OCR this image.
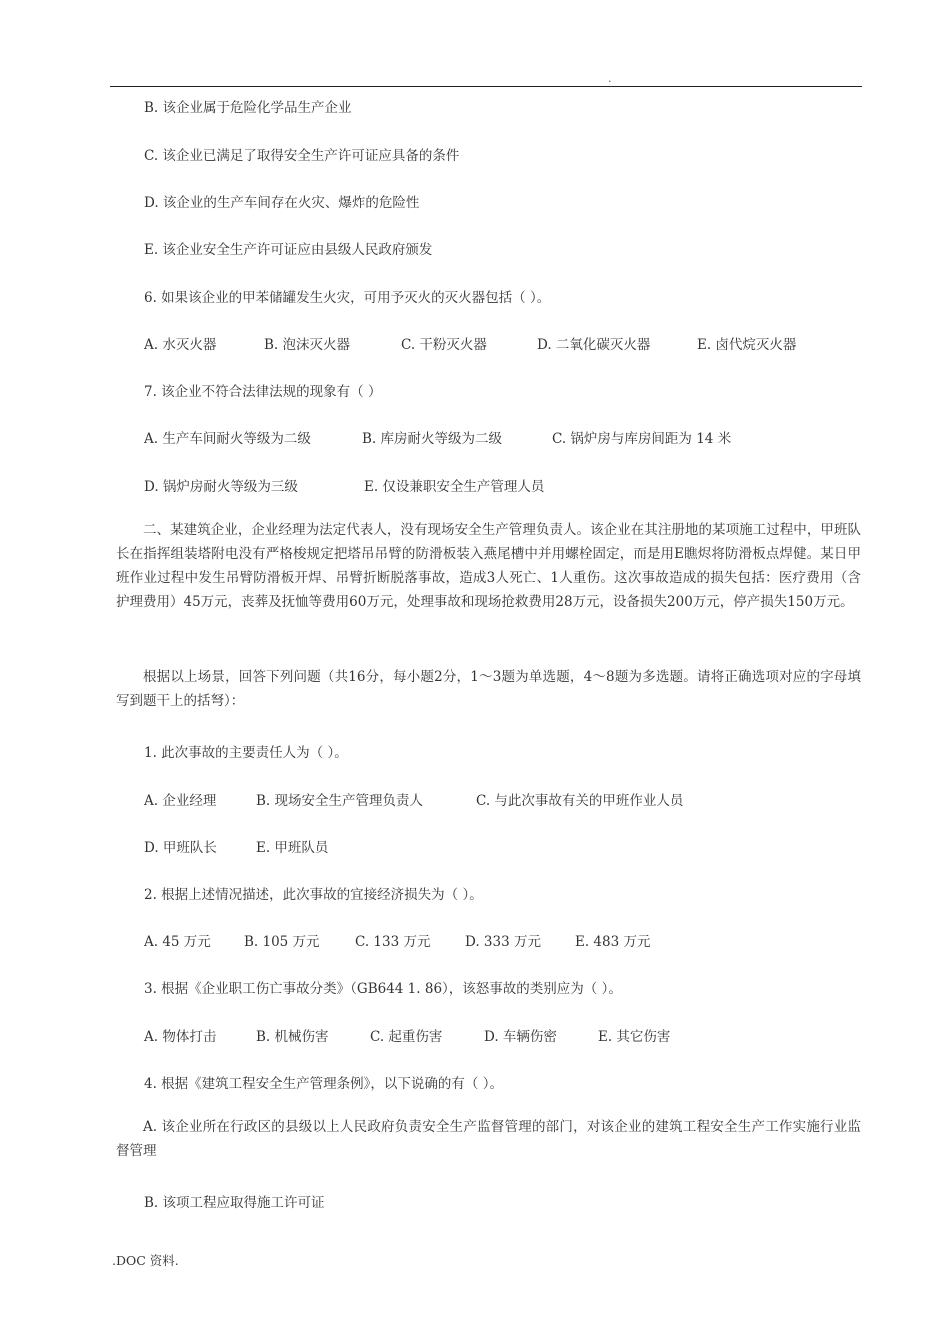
.
B. 该企业属于危险化学品生产企业
C. 该企业已满足了取得安全生产许可证应具备的条件
D. 该企业的生产车间存在火灾、爆炸的危险性
E. 该企业安全生产许可证应由县级人民政府颁发
6. 如果该企业的甲苯储罐发生火灾，可用予灭火的灭火器包括（ ）。
A. 水灭火器	B. 泡沫灭火器	C. 干粉灭火器	D. 二氧化碳灭火器	E. 卤代烷灭火器
7. 该企业不符合法律法规的现象有（ ）
A. 生产车间耐火等级为二级	B. 库房耐火等级为二级	C. 锅炉房与库房间距为 14 米
D. 锅炉房耐火等级为三级	E. 仅设兼职安全生产管理人员
二、某建筑企业，企业经理为法定代表人，没有现场安全生产管理负责人。该企业在其注册地的某项施工过程中，甲班队长在指挥组装塔附电没有严格梭规定把塔吊吊臂的防滑板装入燕尾槽中并用螺栓固定，而是用E瞧烬将防滑板点焊健。某日甲班作业过程中发生吊臂防滑板开焊、吊臂折断脱落事故，造成3人死亡、1人重伤。这次事故造成的损失包括：医疗费用（含护理费用）45万元，丧葬及抚恤等费用60万元，处理事故和现场抢救费用28万元，设备损失200万元，停产损失150万元。
根据以上场景，回答下列问题（共16分，每小题2分，1～3题为单选题，4～8题为多选题。请将正确选项对应的字母填写到题干上的括弩）：
1. 此次事故的主要责任人为（ ）。
A. 企业经理	B. 现场安全生产管理负责人	C. 与此次事故有关的甲班作业人员
D. 甲班队长	E. 甲班队员
2. 根据上述情况描述，此次事故的宜接经济损失为（ ）。
A. 45 万元 B. 105 万元	C. 133 万元	D. 333 万元	E. 483 万元
3. 根据《企业职工伤亡事故分类》（GB644 1. 86），该怒事故的类别应为（ ）。
A. 物体打击	B. 机械伤害	C. 起重伤害	D. 车辆伤密	E. 其它伤害
4. 根据《建筑工程安全生产管理条例》，以下说确的有（ ）。
A. 该企业所在行政区的县级以上人民政府负责安全生产监督管理的部门，对该企业的建筑工程安全生产工作实施行业监督管理
B. 该项工程应取得施工许可证
.DOC 资料.
